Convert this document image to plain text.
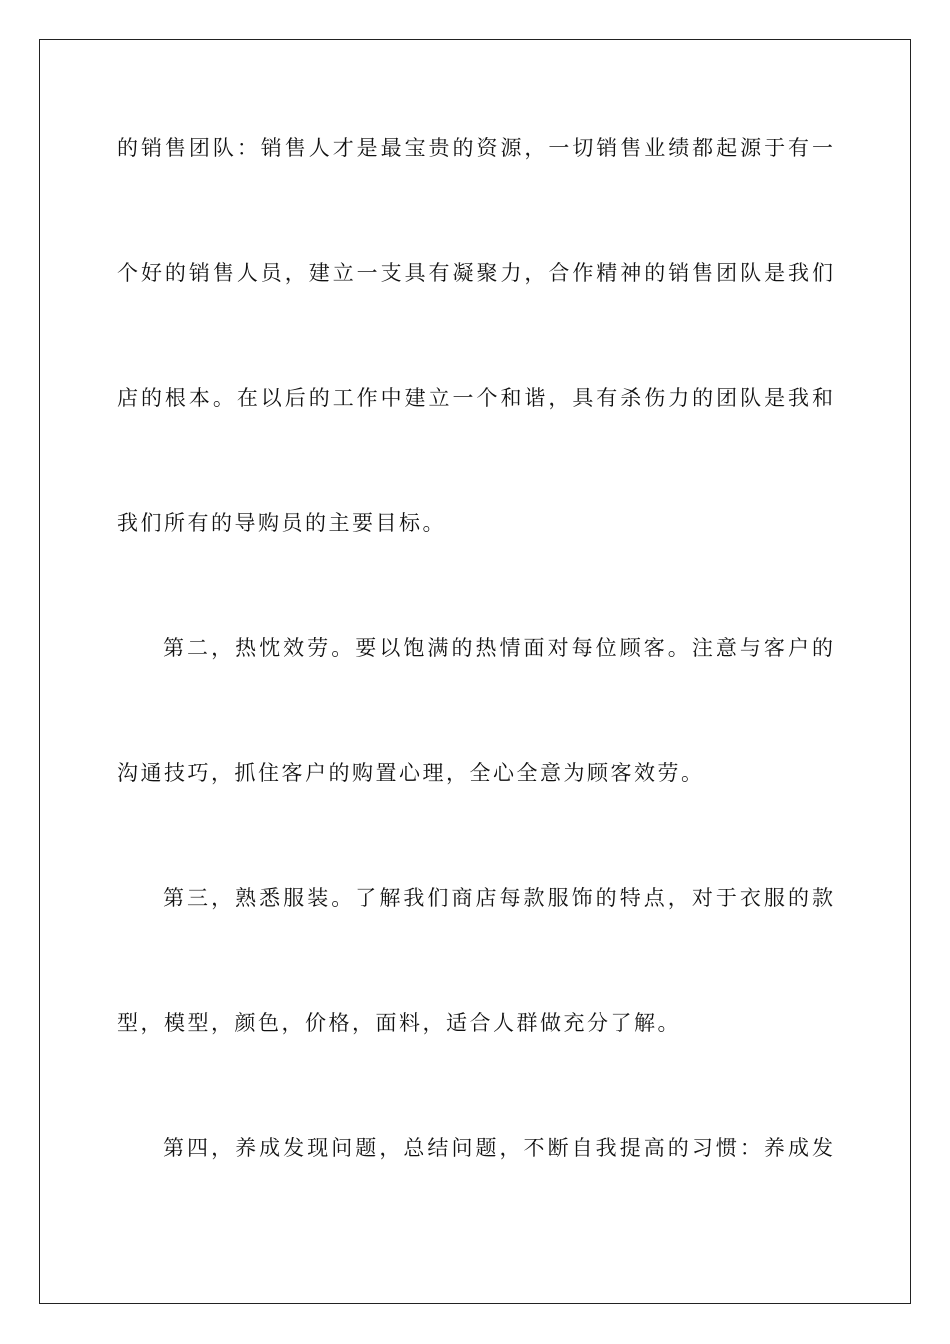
的销售团队：销售人才是最宝贵的资源，一切销售业绩都起源于有一
个好的销售人员，建立一支具有凝聚力，合作精神的销售团队是我们
店的根本。在以后的工作中建立一个和谐，具有杀伤力的团队是我和
我们所有的导购员的主要目标。
第二，热忱效劳。要以饱满的热情面对每位顾客。注意与客户的
沟通技巧，抓住客户的购置心理，全心全意为顾客效劳。
第三，熟悉服装。了解我们商店每款服饰的特点，对于衣服的款
型，模型，颜色，价格，面料，适合人群做充分了解。
第四，养成发现问题，总结问题，不断自我提高的习惯：养成发
